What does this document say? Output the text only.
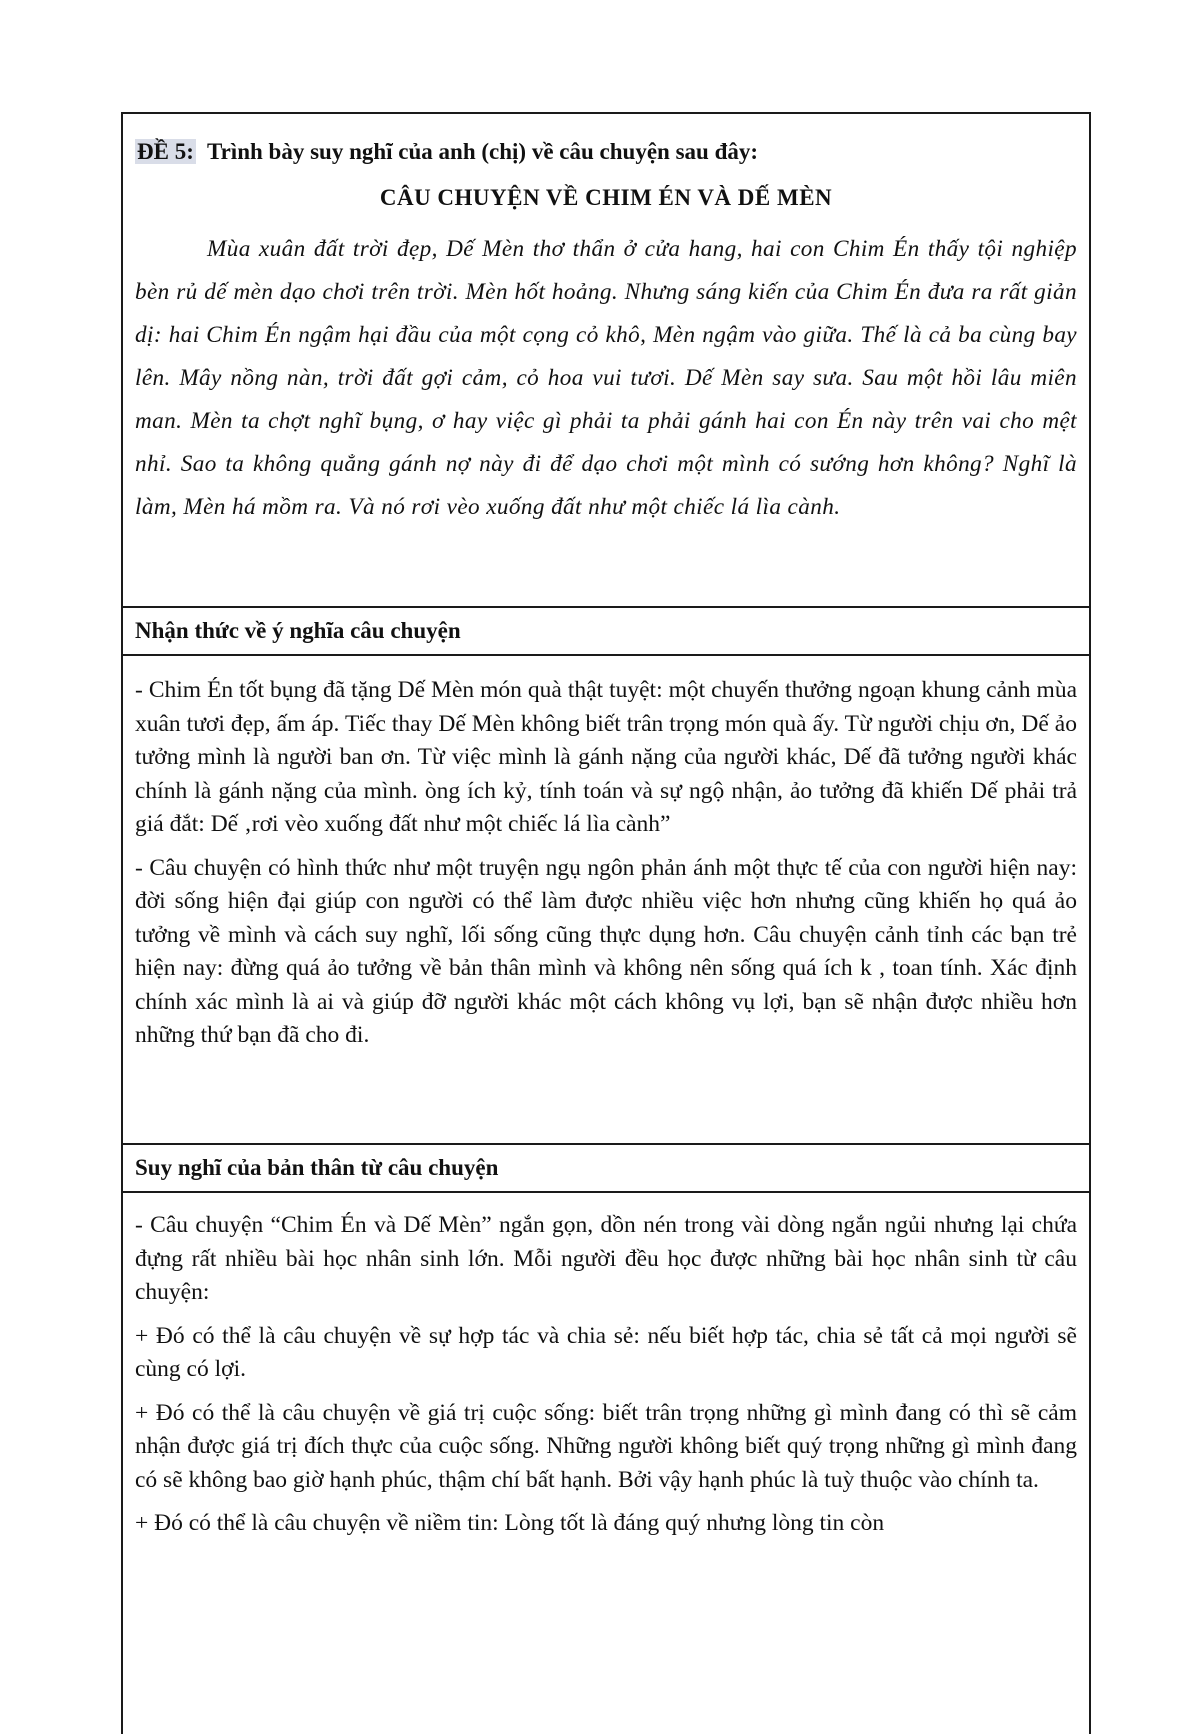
ĐỀ 5: Trình bày suy nghĩ của anh (chị) về câu chuyện sau đây:
CÂU CHUYỆN VỀ CHIM ÉN VÀ DẾ MÈN
Mùa xuân đất trời đẹp, Dế Mèn thơ thẩn ở cửa hang, hai con Chim Én thấy tội nghiệp bèn rủ dế mèn dạo chơi trên trời. Mèn hốt hoảng. Nhưng sáng kiến của Chim Én đưa ra rất giản dị: hai Chim Én ngậm hại đầu của một cọng cỏ khô, Mèn ngậm vào giữa. Thế là cả ba cùng bay lên. Mây nồng nàn, trời đất gợi cảm, cỏ hoa vui tươi. Dế Mèn say sưa. Sau một hồi lâu miên man. Mèn ta chợt nghĩ bụng, ơ hay việc gì phải ta phải gánh hai con Én này trên vai cho mệt nhỉ. Sao ta không quẳng gánh nợ này đi để dạo chơi một mình có sướng hơn không? Nghĩ là làm, Mèn há mồm ra. Và nó rơi vèo xuống đất như một chiếc lá lìa cành.
Nhận thức về ý nghĩa câu chuyện

- Chim Én tốt bụng đã tặng Dế Mèn món quà thật tuyệt: một chuyến thưởng ngoạn khung cảnh mùa xuân tươi đẹp, ấm áp. Tiếc thay Dế Mèn không biết trân trọng món quà ấy. Từ người chịu ơn, Dế ảo tưởng mình là người ban ơn. Từ việc mình là gánh nặng của người khác, Dế đã tưởng người khác chính là gánh nặng của mình. òng ích kỷ, tính toán và sự ngộ nhận, ảo tưởng đã khiến Dế phải trả giá đắt: Dế ‚rơi vèo xuống đất như một chiếc lá lìa cành”

- Câu chuyện có hình thức như một truyện ngụ ngôn phản ánh một thực tế của con người hiện nay: đời sống hiện đại giúp con người có thể làm được nhiều việc hơn nhưng cũng khiến họ quá ảo tưởng về mình và cách suy nghĩ, lối sống cũng thực dụng hơn. Câu chuyện cảnh tỉnh các bạn trẻ hiện nay: đừng quá ảo tưởng về bản thân mình và không nên sống quá ích k , toan tính. Xác định chính xác mình là ai và giúp đỡ người khác một cách không vụ lợi, bạn sẽ nhận được nhiều hơn những thứ bạn đã cho đi.

Suy nghĩ của bản thân từ câu chuyện

- Câu chuyện “Chim Én và Dế Mèn” ngắn gọn, dồn nén trong vài dòng ngắn ngủi nhưng lại chứa đựng rất nhiều bài học nhân sinh lớn. Mỗi người đều học được những bài học nhân sinh từ câu chuyện:

+ Đó có thể là câu chuyện về sự hợp tác và chia sẻ: nếu biết hợp tác, chia sẻ tất cả mọi người sẽ cùng có lợi.

+ Đó có thể là câu chuyện về giá trị cuộc sống: biết trân trọng những gì mình đang có thì sẽ cảm nhận được giá trị đích thực của cuộc sống. Những người không biết quý trọng những gì mình đang có sẽ không bao giờ hạnh phúc, thậm chí bất hạnh. Bởi vậy hạnh phúc là tuỳ thuộc vào chính ta.

+ Đó có thể là câu chuyện về niềm tin: Lòng tốt là đáng quý nhưng lòng tin còn
